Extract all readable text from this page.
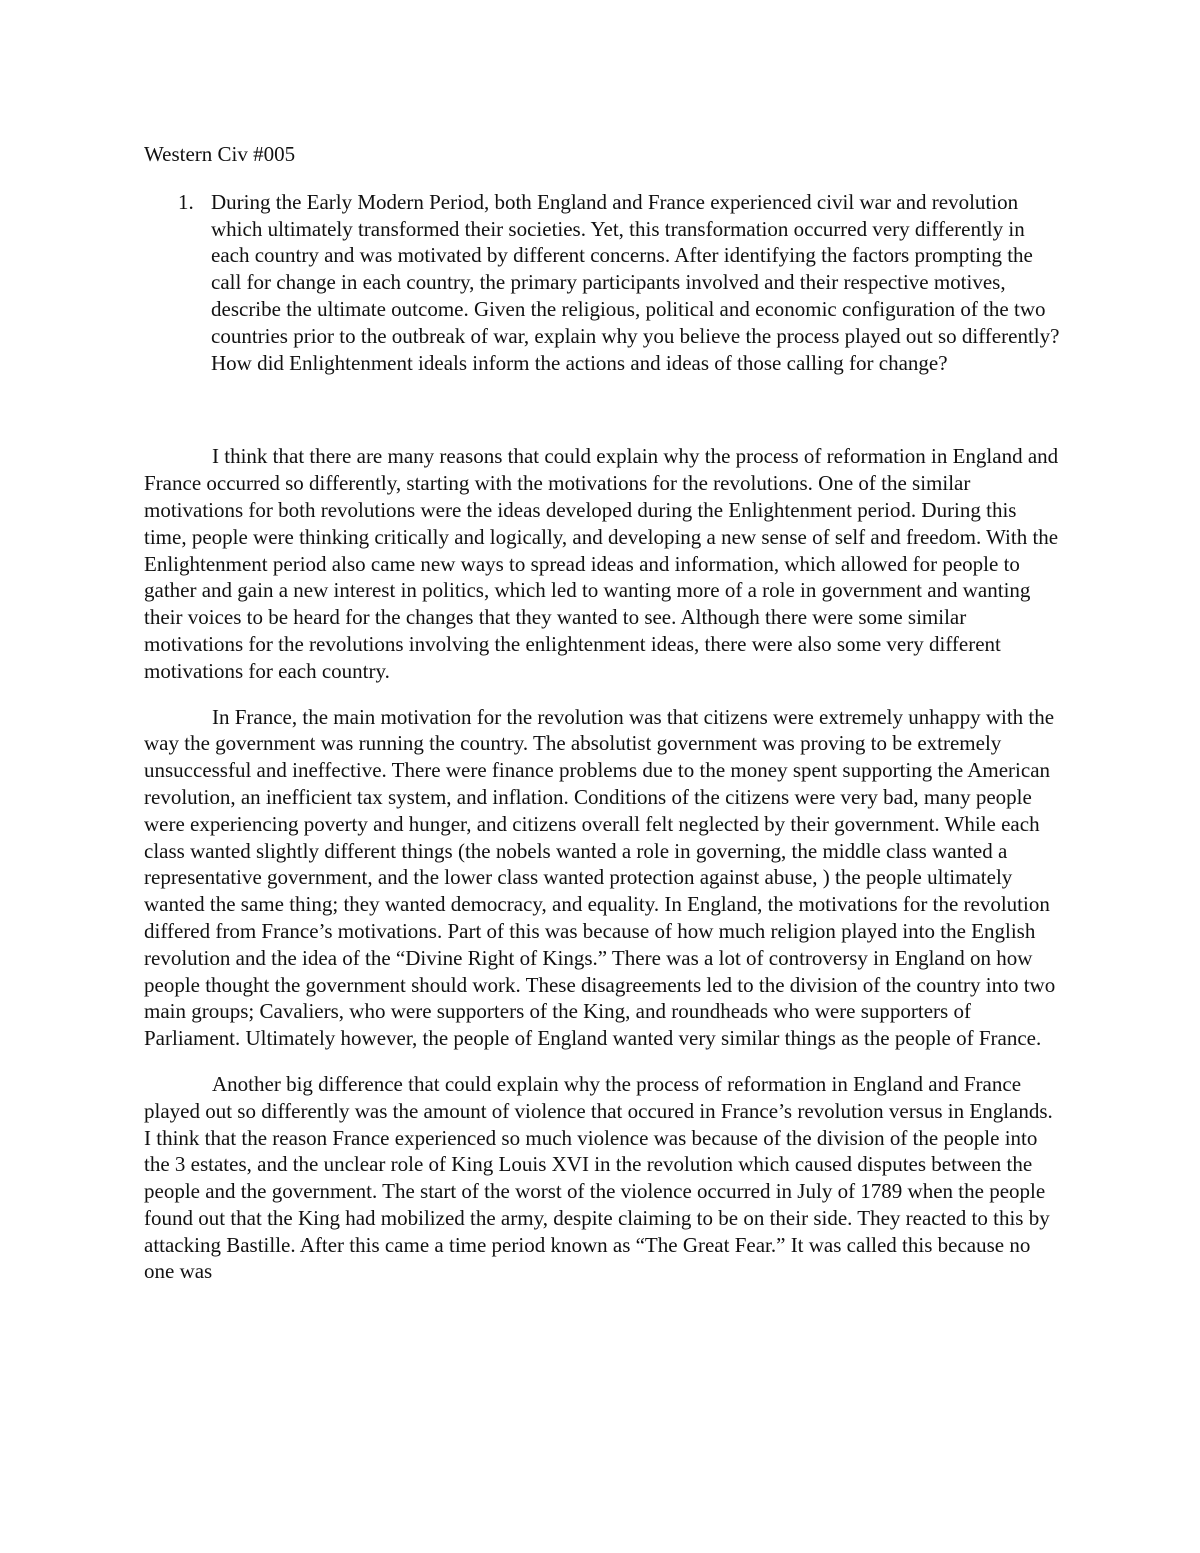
Western Civ #005
1. During the Early Modern Period, both England and France experienced civil war and revolution which ultimately transformed their societies. Yet, this transformation occurred very differently in each country and was motivated by different concerns. After identifying the factors prompting the call for change in each country, the primary participants involved and their respective motives, describe the ultimate outcome. Given the religious, political and economic configuration of the two countries prior to the outbreak of war, explain why you believe the process played out so differently? How did Enlightenment ideals inform the actions and ideas of those calling for change?

I think that there are many reasons that could explain why the process of reformation in England and France occurred so differently, starting with the motivations for the revolutions. One of the similar motivations for both revolutions were the ideas developed during the Enlightenment period. During this time, people were thinking critically and logically, and developing a new sense of self and freedom. With the Enlightenment period also came new ways to spread ideas and information, which allowed for people to gather and gain a new interest in politics, which led to wanting more of a role in government and wanting their voices to be heard for the changes that they wanted to see. Although there were some similar motivations for the revolutions involving the enlightenment ideas, there were also some very different motivations for each country.

In France, the main motivation for the revolution was that citizens were extremely unhappy with the way the government was running the country. The absolutist government was proving to be extremely unsuccessful and ineffective. There were finance problems due to the money spent supporting the American revolution, an inefficient tax system, and inflation. Conditions of the citizens were very bad, many people were experiencing poverty and hunger, and citizens overall felt neglected by their government. While each class wanted slightly different things (the nobels wanted a role in governing, the middle class wanted a representative government, and the lower class wanted protection against abuse, ) the people ultimately wanted the same thing; they wanted democracy, and equality. In England, the motivations for the revolution differed from France’s motivations. Part of this was because of how much religion played into the English revolution and the idea of the “Divine Right of Kings.” There was a lot of controversy in England on how people thought the government should work. These disagreements led to the division of the country into two main groups; Cavaliers, who were supporters of the King, and roundheads who were supporters of Parliament. Ultimately however, the people of England wanted very similar things as the people of France.

Another big difference that could explain why the process of reformation in England and France played out so differently was the amount of violence that occured in France’s revolution versus in Englands. I think that the reason France experienced so much violence was because of the division of the people into the 3 estates, and the unclear role of King Louis XVI in the revolution which caused disputes between the people and the government. The start of the worst of the violence occurred in July of 1789 when the people found out that the King had mobilized the army, despite claiming to be on their side. They reacted to this by attacking Bastille. After this came a time period known as “The Great Fear.” It was called this because no one was
